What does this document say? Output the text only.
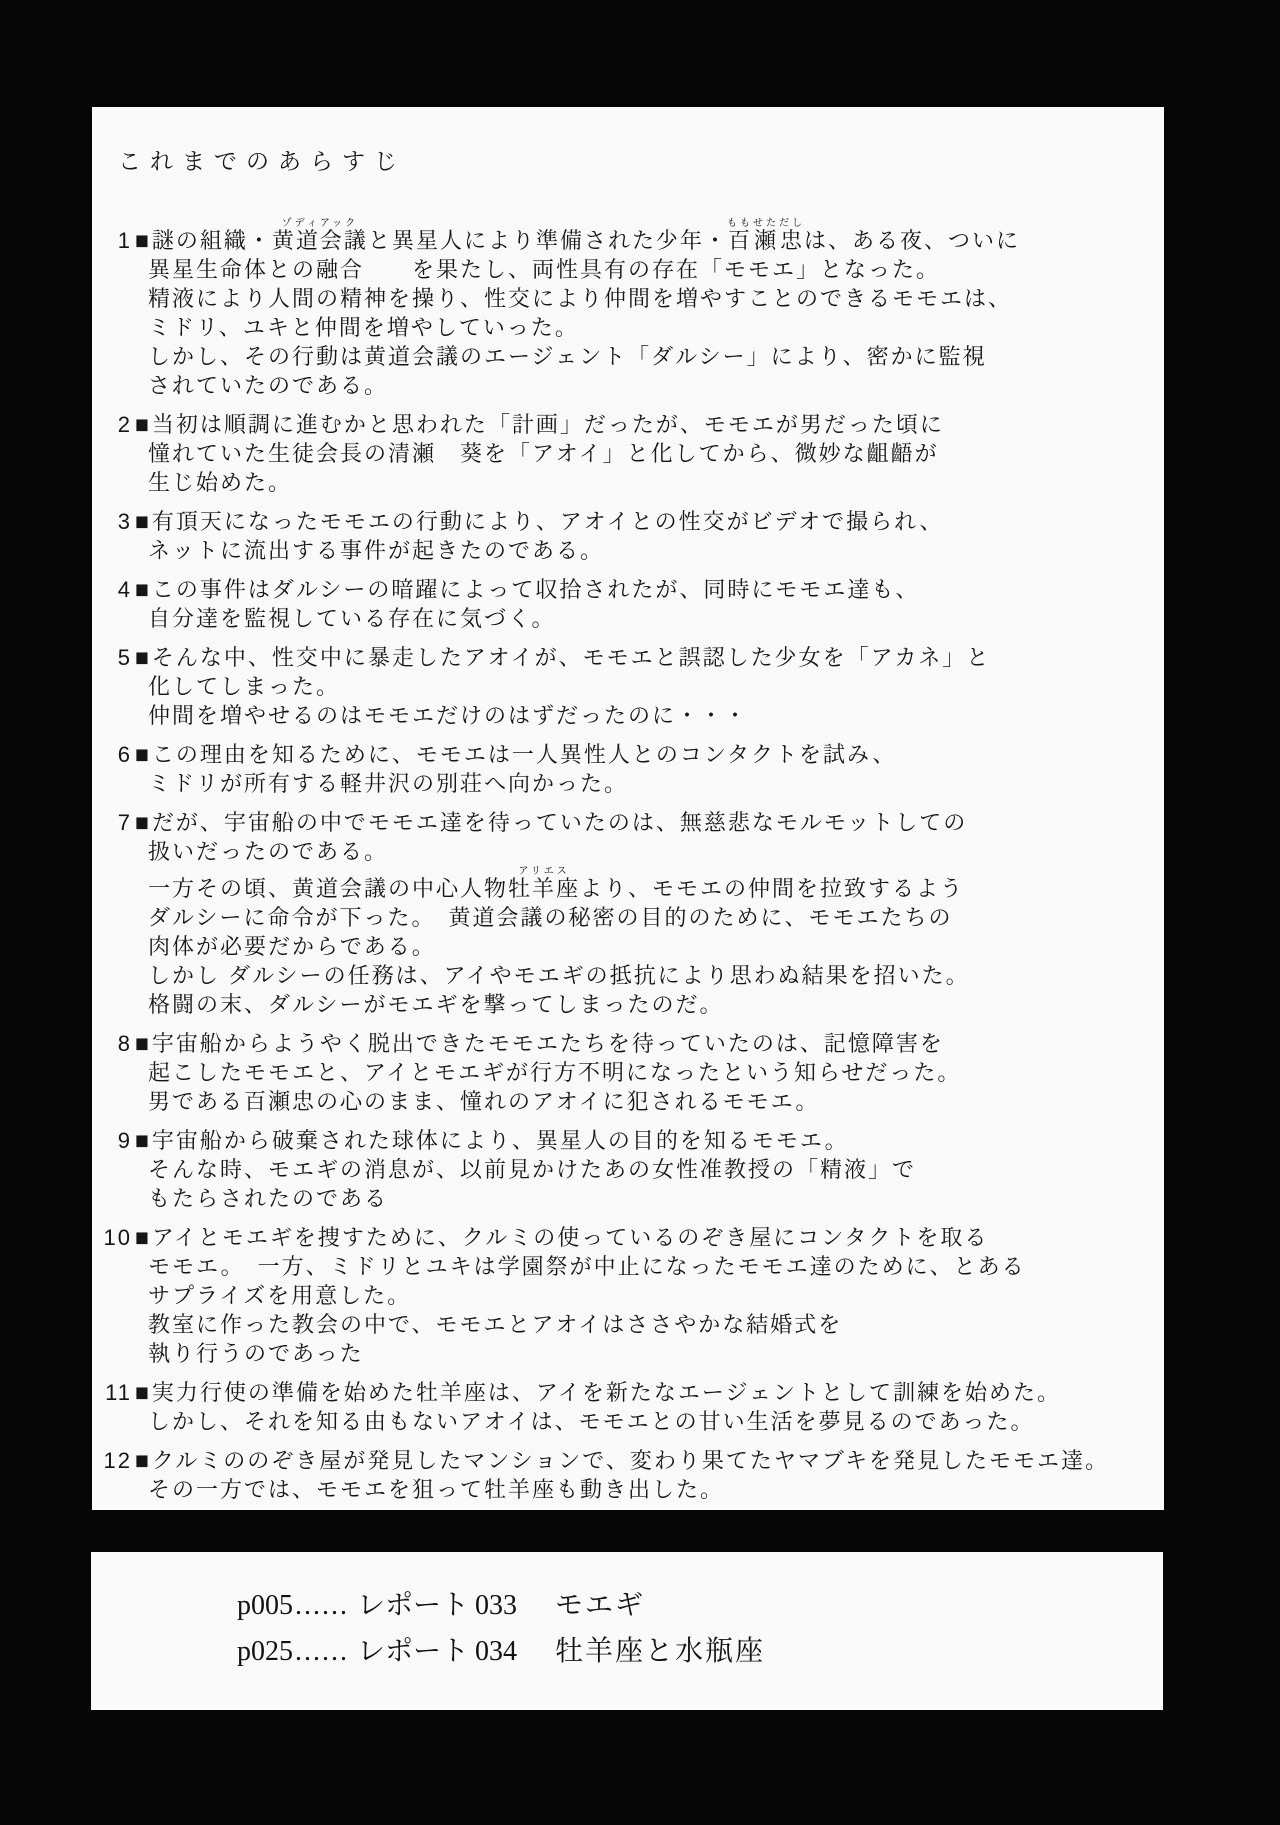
これまでのあらすじ
1 ■謎の組織・黄道会議ゾディアックと異星人により準備された少年・百瀬忠ももせただしは、ある夜、ついに
異星生命体との融合　　を果たし、両性具有の存在「モモエ」となった。
精液により人間の精神を操り、性交により仲間を増やすことのできるモモエは、
ミドリ、ユキと仲間を増やしていった。
しかし、その行動は黄道会議のエージェント「ダルシー」により、密かに監視
されていたのである。
2 ■当初は順調に進むかと思われた「計画」だったが、モモエが男だった頃に
憧れていた生徒会長の清瀬　葵を「アオイ」と化してから、微妙な齟齬が
生じ始めた。
3 ■有頂天になったモモエの行動により、アオイとの性交がビデオで撮られ、
ネットに流出する事件が起きたのである。
4 ■この事件はダルシーの暗躍によって収拾されたが、同時にモモエ達も、
自分達を監視している存在に気づく。
5 ■そんな中、性交中に暴走したアオイが、モモエと誤認した少女を「アカネ」と
化してしまった。
仲間を増やせるのはモモエだけのはずだったのに・・・
6 ■この理由を知るために、モモエは一人異性人とのコンタクトを試み、
ミドリが所有する軽井沢の別荘へ向かった。
7 ■だが、宇宙船の中でモモエ達を待っていたのは、無慈悲なモルモットしての
扱いだったのである。
一方その頃、黄道会議の中心人物牡羊座アリエスより、モモエの仲間を拉致するよう
ダルシーに命令が下った。　黄道会議の秘密の目的のために、モモエたちの
肉体が必要だからである。
しかし ダルシーの任務は、アイやモエギの抵抗により思わぬ結果を招いた。
格闘の末、ダルシーがモエギを撃ってしまったのだ。
8 ■宇宙船からようやく脱出できたモモエたちを待っていたのは、記憶障害を
起こしたモモエと、アイとモエギが行方不明になったという知らせだった。
男である百瀬忠の心のまま、憧れのアオイに犯されるモモエ。
9 ■宇宙船から破棄された球体により、異星人の目的を知るモモエ。
そんな時、モエギの消息が、以前見かけたあの女性准教授の「精液」で
もたらされたのである
10 ■アイとモエギを捜すために、クルミの使っているのぞき屋にコンタクトを取る
モモエ。　一方、ミドリとユキは学園祭が中止になったモモエ達のために、とある
サプライズを用意した。
教室に作った教会の中で、モモエとアオイはささやかな結婚式を
執り行うのであった
11 ■実力行使の準備を始めた牡羊座は、アイを新たなエージェントとして訓練を始めた。
しかし、それを知る由もないアオイは、モモエとの甘い生活を夢見るのであった。
12 ■クルミののぞき屋が発見したマンションで、変わり果てたヤマブキを発見したモモエ達。
その一方では、モモエを狙って牡羊座も動き出した。
p005...... レポート 033 モエギ
p025...... レポート 034 牡羊座と水瓶座
